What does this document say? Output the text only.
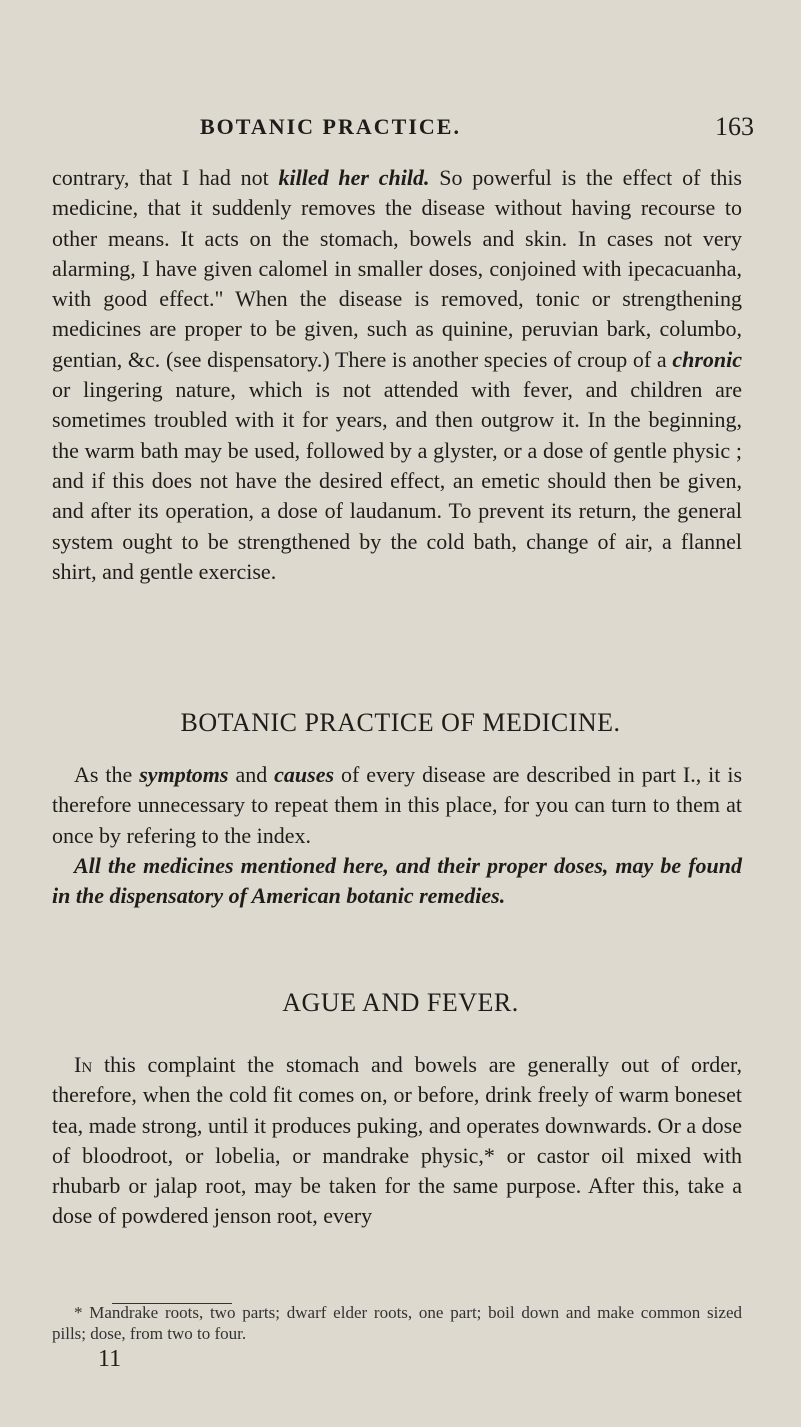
BOTANIC PRACTICE.	163

contrary, that I had not killed her child. So powerful is the effect of this medicine, that it suddenly removes the disease without having recourse to other means. It acts on the stomach, bowels and skin. In cases not very alarming, I have given calomel in smaller doses, conjoined with ipecacuanha, with good effect." When the disease is removed, tonic or strengthening medicines are proper to be given, such as quinine, peruvian bark, columbo, gentian, &c. (see dispensatory.) There is another species of croup of a chronic or lingering nature, which is not attended with fever, and children are sometimes troubled with it for years, and then outgrow it. In the beginning, the warm bath may be used, followed by a glyster, or a dose of gentle physic ; and if this does not have the desired effect, an emetic should then be given, and after its operation, a dose of laudanum. To prevent its return, the general system ought to be strengthened by the cold bath, change of air, a flannel shirt, and gentle exercise.

BOTANIC PRACTICE OF MEDICINE.

As the symptoms and causes of every disease are described in part I., it is therefore unnecessary to repeat them in this place, for you can turn to them at once by refering to the index.

All the medicines mentioned here, and their proper doses, may be found in the dispensatory of American botanic remedies.

AGUE AND FEVER.

In this complaint the stomach and bowels are generally out of order, therefore, when the cold fit comes on, or before, drink freely of warm boneset tea, made strong, until it produces puking, and operates downwards. Or a dose of bloodroot, or lobelia, or mandrake physic,* or castor oil mixed with rhubarb or jalap root, may be taken for the same purpose. After this, take a dose of powdered jenson root, every

* Mandrake roots, two parts; dwarf elder roots, one part; boil down and make common sized pills; dose, from two to four.

11
